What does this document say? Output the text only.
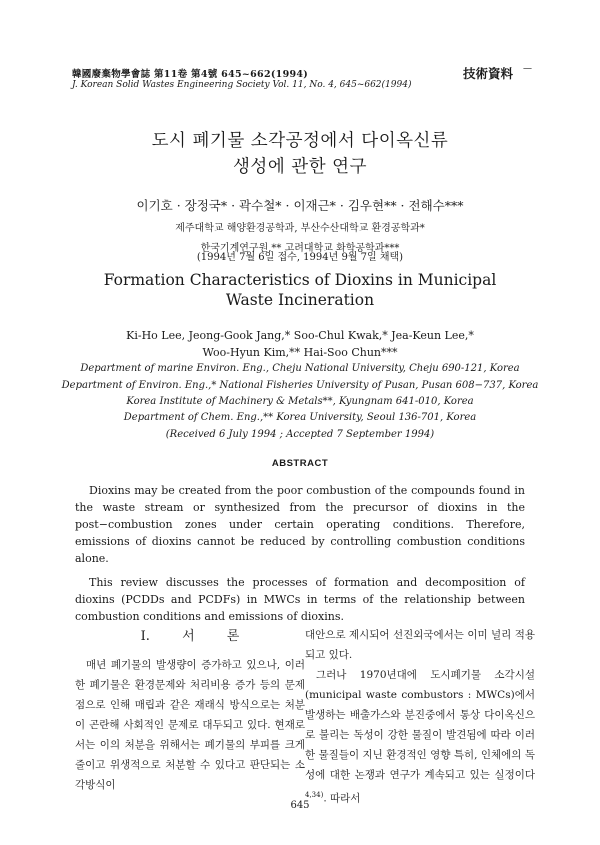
韓國廢棄物學會誌 第11卷 第4號 645~662(1994)
J. Korean Solid Wastes Engineering Society Vol. 11, No. 4, 645~662(1994)
技術資料 —
도시 폐기물 소각공정에서 다이옥신류
생성에 관한 연구
이기호 · 장정국* · 곽수철* · 이재근* · 김우현** · 전해수***
제주대학교 해양환경공학과, 부산수산대학교 환경공학과*
한국기계연구원,** 고려대학교 화학공학과***
(1994년 7월 6일 접수, 1994년 9월 7일 채택)
Formation Characteristics of Dioxins in Municipal
Waste Incineration
Ki-Ho Lee, Jeong-Gook Jang,* Soo-Chul Kwak,* Jea-Keun Lee,*
Woo-Hyun Kim,** Hai-Soo Chun***
Department of marine Environ. Eng., Cheju National University, Cheju 690-121, Korea
Department of Environ. Eng.,* National Fisheries University of Pusan, Pusan 608−737, Korea
Korea Institute of Machinery & Metals**, Kyungnam 641-010, Korea
Department of Chem. Eng.,** Korea University, Seoul 136-701, Korea
ABSTRACT

Dioxins may be created from the poor combustion of the compounds found in the waste stream or synthesized from the precursor of dioxins in the post−combustion zones under certain operating conditions. Therefore, emissions of dioxins cannot be reduced by controlling combustion conditions alone.

This review discusses the processes of formation and decomposition of dioxins (PCDDs and PCDFs) in MWCs in terms of the relationship between combustion conditions and emissions of dioxins.

Ⅰ. 서 론

매년 폐기물의 발생량이 증가하고 있으나, 이러한 폐기물은 환경문제와 처리비용 증가 등의 문제점으로 인해 매립과 같은 재래식 방식으로는 처분이 곤란해 사회적인 문제로 대두되고 있다. 현재로서는 이의 처분을 위해서는 폐기물의 부피를 크게 줄이고 위생적으로 처분할 수 있다고 판단되는 소각방식이

대안으로 제시되어 선진외국에서는 이미 널리 적용되고 있다.

그러나 1970년대에 도시폐기물 소각시설(municipal waste combustors : MWCs)에서 발생하는 배출가스와 분진중에서 통상 다이옥신으로 불리는 독성이 강한 물질이 발견됨에 따라 이러한 물질들이 지닌 환경적인 영향 특히, 인체에의 독성에 대한 논쟁과 연구가 계속되고 있는 실정이다$^{4,34)}$. 따라서

645
(Received 6 July 1994 ; Accepted 7 September 1994)
